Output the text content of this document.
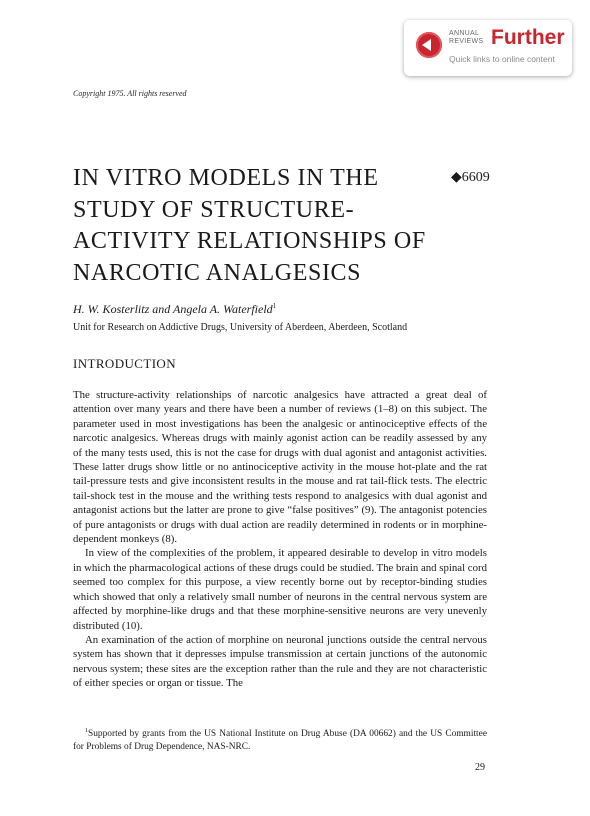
ANNUAL
REVIEWS Further
Quick links to online content
Copyright 1975. All rights reserved
IN VITRO MODELS IN THE STUDY OF STRUCTURE-ACTIVITY RELATIONSHIPS OF NARCOTIC ANALGESICS
◆6609
H. W. Kosterlitz and Angela A. Waterfield$^1$
Unit for Research on Addictive Drugs, University of Aberdeen, Aberdeen, Scotland
INTRODUCTION

The structure-activity relationships of narcotic analgesics have attracted a great deal of attention over many years and there have been a number of reviews (1–8) on this subject. The parameter used in most investigations has been the analgesic or antinociceptive effects of the narcotic analgesics. Whereas drugs with mainly agonist action can be readily assessed by any of the many tests used, this is not the case for drugs with dual agonist and antagonist activities. These latter drugs show little or no antinociceptive activity in the mouse hot-plate and the rat tail-pressure tests and give inconsistent results in the mouse and rat tail-flick tests. The electric tail-shock test in the mouse and the writhing tests respond to analgesics with dual agonist and antagonist actions but the latter are prone to give “false positives” (9). The antagonist potencies of pure antagonists or drugs with dual action are readily determined in rodents or in morphine-dependent monkeys (8).

In view of the complexities of the problem, it appeared desirable to develop in vitro models in which the pharmacological actions of these drugs could be studied. The brain and spinal cord seemed too complex for this purpose, a view recently borne out by receptor-binding studies which showed that only a relatively small number of neurons in the central nervous system are affected by morphine-like drugs and that these morphine-sensitive neurons are very unevenly distributed (10).

An examination of the action of morphine on neuronal junctions outside the central nervous system has shown that it depresses impulse transmission at certain junctions of the autonomic nervous system; these sites are the exception rather than the rule and they are not characteristic of either species or organ or tissue. The

$^1$Supported by grants from the US National Institute on Drug Abuse (DA 00662) and the US Committee for Problems of Drug Dependence, NAS-NRC.

29
